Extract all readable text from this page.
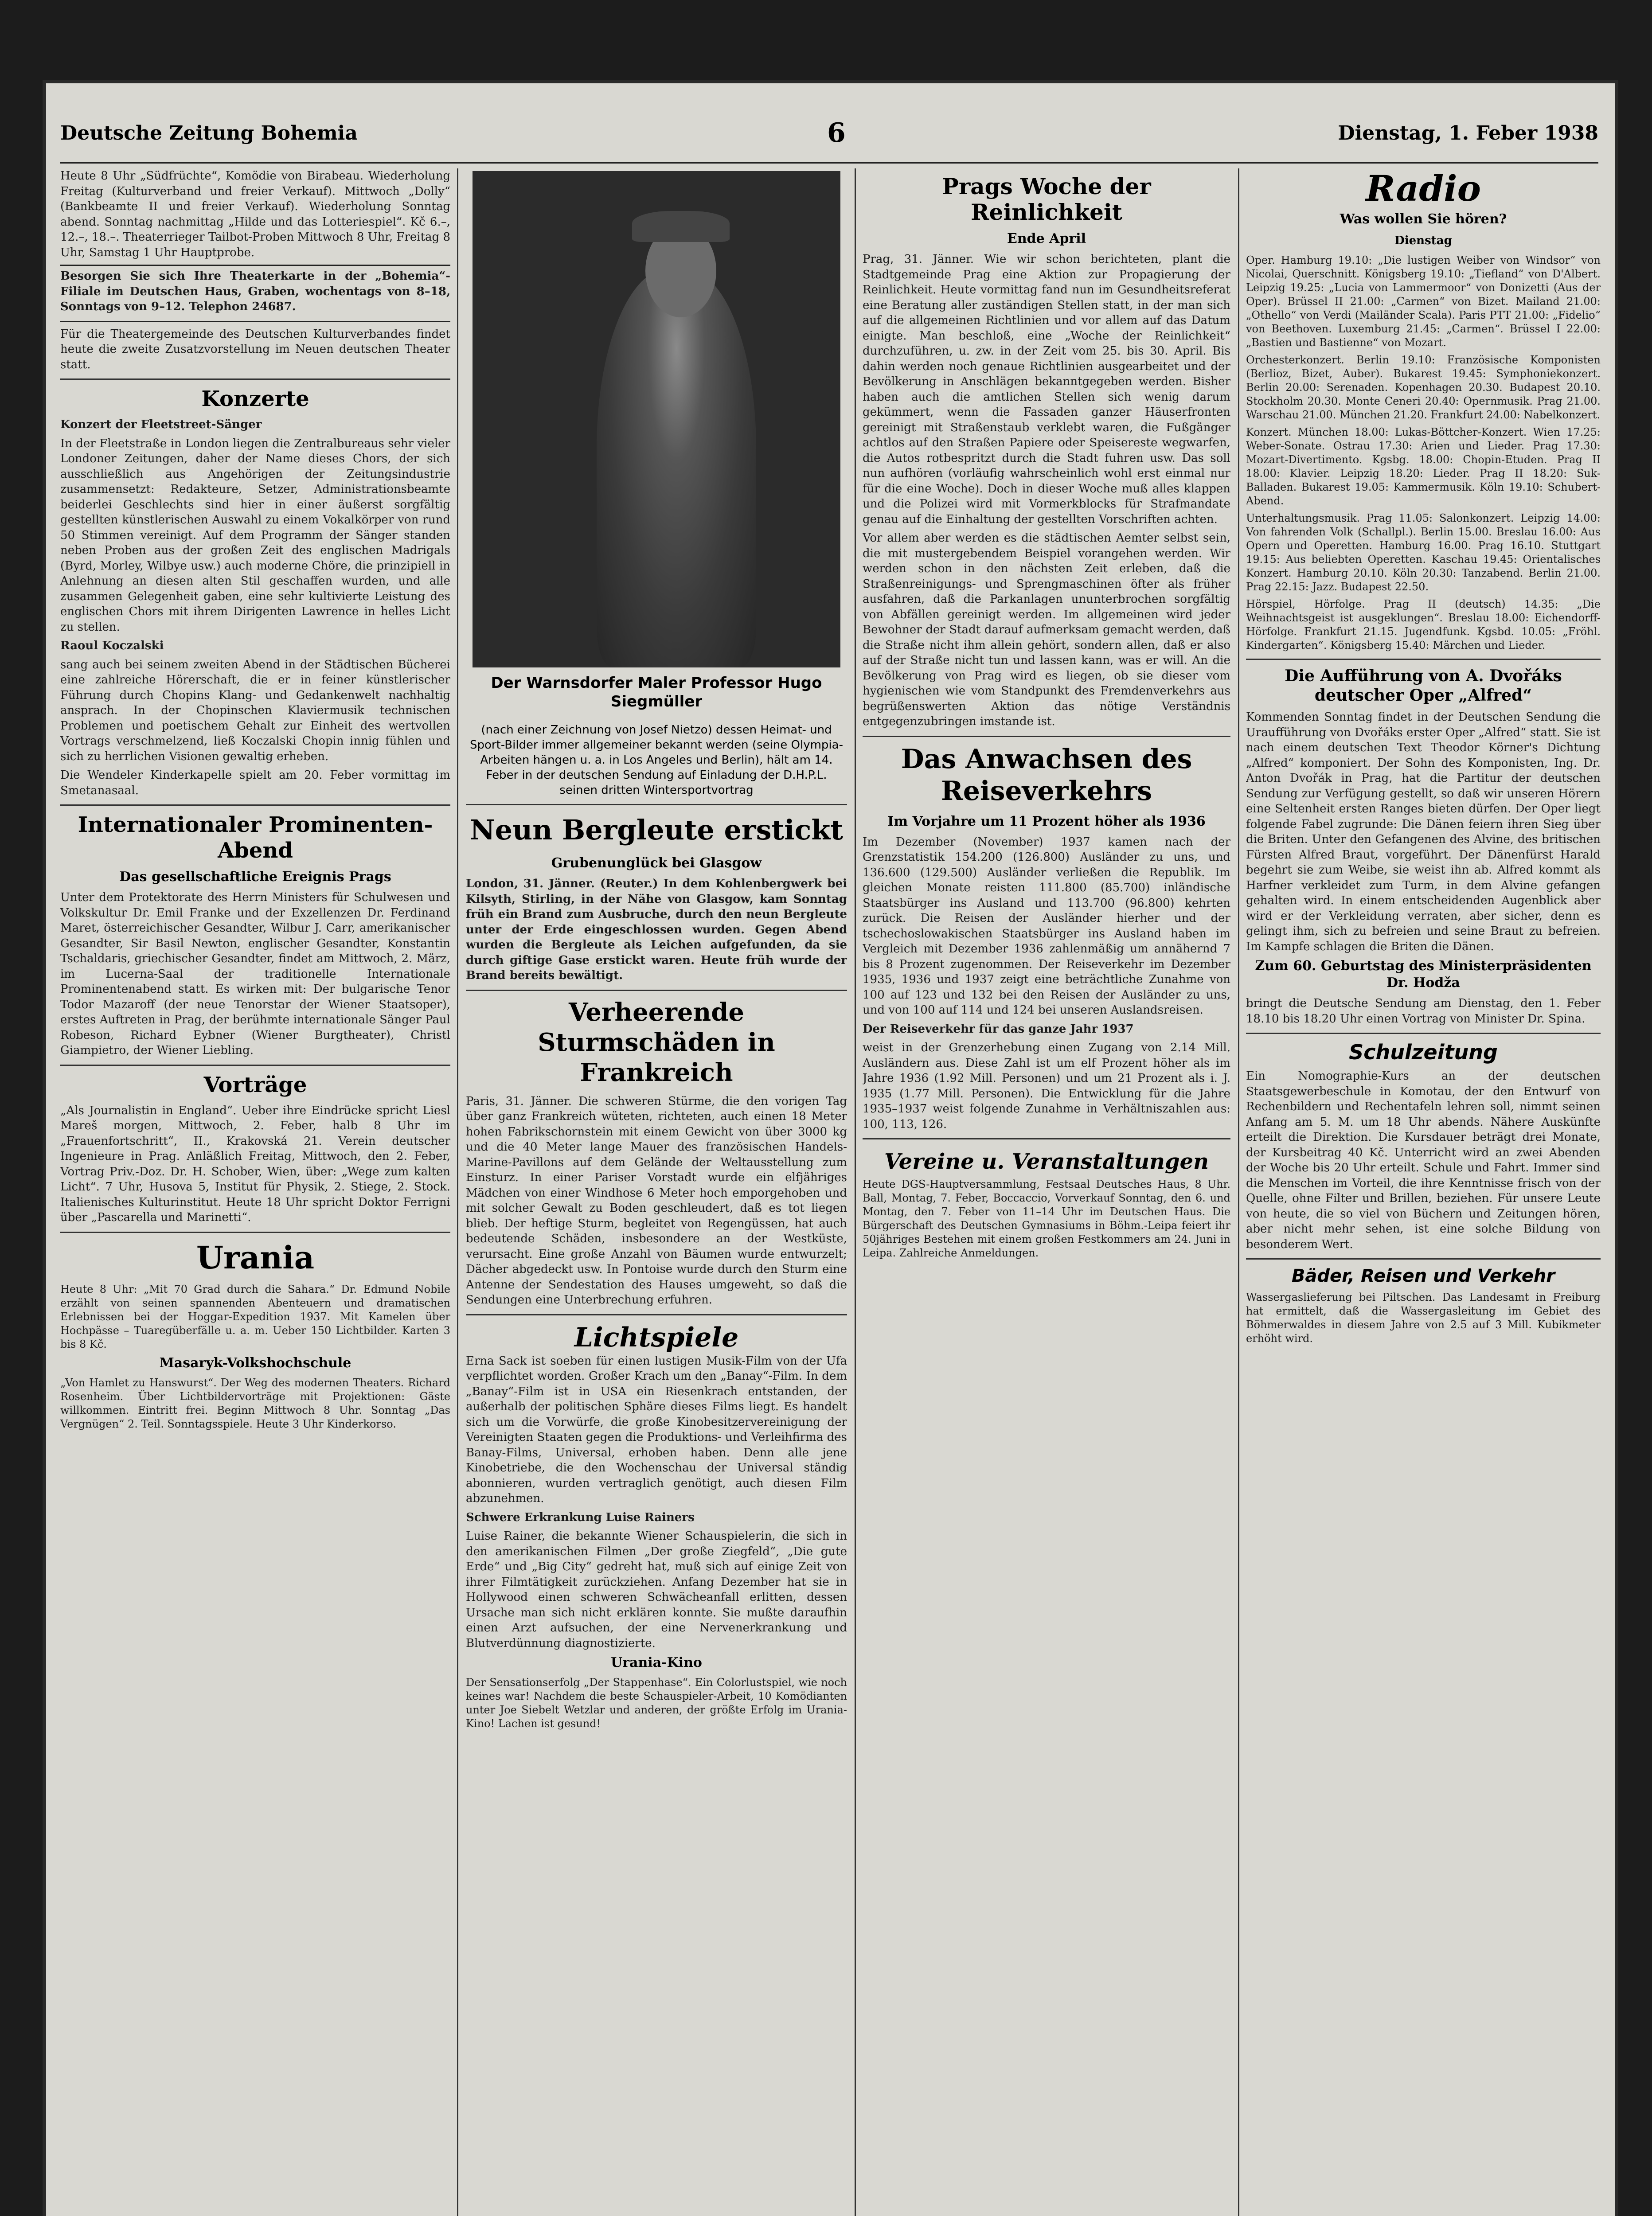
Deutsche Zeitung Bohemia	6	Dienstag, 1. Feber 1938

Heute 8 Uhr „Südfrüchte“, Komödie von Birabeau. Wiederholung Freitag (Kulturverband und freier Verkauf). Mittwoch „Dolly“ (Bankbeamte II und freier Verkauf). Wiederholung Sonntag abend. Sonntag nachmittag „Hilde und das Lotteriespiel“. Kč 6.–, 12.–, 18.–. Theaterrieger Tailbot-Proben Mittwoch 8 Uhr, Freitag 8 Uhr, Samstag 1 Uhr Hauptprobe.

Besorgen Sie sich Ihre Theaterkarte in der „Bohemia“-Filiale im Deutschen Haus, Graben, wochentags von 8–18, Sonntags von 9–12. Telephon 24687.

Für die Theatergemeinde des Deutschen Kulturverbandes findet heute die zweite Zusatzvorstellung im Neuen deutschen Theater statt.

Konzerte

Konzert der Fleetstreet-Sänger

In der Fleetstraße in London liegen die Zentralbureaus sehr vieler Londoner Zeitungen, daher der Name dieses Chors, der sich ausschließlich aus Angehörigen der Zeitungsindustrie zusammensetzt: Redakteure, Setzer, Administrationsbeamte beiderlei Geschlechts sind hier in einer äußerst sorgfältig gestellten künstlerischen Auswahl zu einem Vokalkörper von rund 50 Stimmen vereinigt. Auf dem Programm der Sänger standen neben Proben aus der großen Zeit des englischen Madrigals (Byrd, Morley, Wilbye usw.) auch moderne Chöre, die prinzipiell in Anlehnung an diesen alten Stil geschaffen wurden, und alle zusammen Gelegenheit gaben, eine sehr kultivierte Leistung des englischen Chors mit ihrem Dirigenten Lawrence in helles Licht zu stellen.

Raoul Koczalski

sang auch bei seinem zweiten Abend in der Städtischen Bücherei eine zahlreiche Hörerschaft, die er in feiner künstlerischer Führung durch Chopins Klang- und Gedankenwelt nachhaltig ansprach. In der Chopinschen Klaviermusik technischen Problemen und poetischem Gehalt zur Einheit des wertvollen Vortrags verschmelzend, ließ Koczalski Chopin innig fühlen und sich zu herrlichen Visionen gewaltig erheben.

Die Wendeler Kinderkapelle spielt am 20. Feber vormittag im Smetanasaal.

Internationaler Prominenten-Abend
Das gesellschaftliche Ereignis Prags

Unter dem Protektorate des Herrn Ministers für Schulwesen und Volkskultur Dr. Emil Franke und der Exzellenzen Dr. Ferdinand Maret, österreichischer Gesandter, Wilbur J. Carr, amerikanischer Gesandter, Sir Basil Newton, englischer Gesandter, Konstantin Tschaldaris, griechischer Gesandter, findet am Mittwoch, 2. März, im Lucerna-Saal der traditionelle Internationale Prominentenabend statt. Es wirken mit: Der bulgarische Tenor Todor Mazaroff (der neue Tenorstar der Wiener Staatsoper), erstes Auftreten in Prag, der berühmte internationale Sänger Paul Robeson, Richard Eybner (Wiener Burgtheater), Christl Giampietro, der Wiener Liebling.

Vorträge

„Als Journalistin in England“. Ueber ihre Eindrücke spricht Liesl Mareš morgen, Mittwoch, 2. Feber, halb 8 Uhr im „Frauenfortschritt“, II., Krakovská 21. Verein deutscher Ingenieure in Prag. Anläßlich Freitag, Mittwoch, den 2. Feber, Vortrag Priv.-Doz. Dr. H. Schober, Wien, über: „Wege zum kalten Licht“. 7 Uhr, Husova 5, Institut für Physik, 2. Stiege, 2. Stock. Italienisches Kulturinstitut. Heute 18 Uhr spricht Doktor Ferrigni über „Pascarella und Marinetti“.

Urania

Heute 8 Uhr: „Mit 70 Grad durch die Sahara.“ Dr. Edmund Nobile erzählt von seinen spannenden Abenteuern und dramatischen Erlebnissen bei der Hoggar-Expedition 1937. Mit Kamelen über Hochpässe – Tuaregüberfälle u. a. m. Ueber 150 Lichtbilder. Karten 3 bis 8 Kč.

Masaryk-Volkshochschule

„Von Hamlet zu Hanswurst“. Der Weg des modernen Theaters. Richard Rosenheim. Über Lichtbildervorträge mit Projektionen: Gäste willkommen. Eintritt frei. Beginn Mittwoch 8 Uhr. Sonntag „Das Vergnügen“ 2. Teil. Sonntagsspiele. Heute 3 Uhr Kinderkorso.

Der Warnsdorfer Maler Professor Hugo Siegmüller

(nach einer Zeichnung von Josef Nietzo) dessen Heimat- und Sport-Bilder immer allgemeiner bekannt werden (seine Olympia-Arbeiten hängen u. a. in Los Angeles und Berlin), hält am 14. Feber in der deutschen Sendung auf Einladung der D.H.P.L. seinen dritten Wintersportvortrag

Neun Bergleute erstickt
Grubenunglück bei Glasgow

London, 31. Jänner. (Reuter.) In dem Kohlenbergwerk bei Kilsyth, Stirling, in der Nähe von Glasgow, kam Sonntag früh ein Brand zum Ausbruche, durch den neun Bergleute unter der Erde eingeschlossen wurden. Gegen Abend wurden die Bergleute als Leichen aufgefunden, da sie durch giftige Gase erstickt waren. Heute früh wurde der Brand bereits bewältigt.

Verheerende Sturmschäden in Frankreich

Paris, 31. Jänner. Die schweren Stürme, die den vorigen Tag über ganz Frankreich wüteten, richteten, auch einen 18 Meter hohen Fabrikschornstein mit einem Gewicht von über 3000 kg und die 40 Meter lange Mauer des französischen Handels-Marine-Pavillons auf dem Gelände der Weltausstellung zum Einsturz. In einer Pariser Vorstadt wurde ein elfjähriges Mädchen von einer Windhose 6 Meter hoch emporgehoben und mit solcher Gewalt zu Boden geschleudert, daß es tot liegen blieb. Der heftige Sturm, begleitet von Regengüssen, hat auch bedeutende Schäden, insbesondere an der Westküste, verursacht. Eine große Anzahl von Bäumen wurde entwurzelt; Dächer abgedeckt usw. In Pontoise wurde durch den Sturm eine Antenne der Sendestation des Hauses umgeweht, so daß die Sendungen eine Unterbrechung erfuhren.

Lichtspiele

Erna Sack ist soeben für einen lustigen Musik-Film von der Ufa verpflichtet worden. Großer Krach um den „Banay“-Film. In dem „Banay“-Film ist in USA ein Riesenkrach entstanden, der außerhalb der politischen Sphäre dieses Films liegt. Es handelt sich um die Vorwürfe, die große Kinobesitzervereinigung der Vereinigten Staaten gegen die Produktions- und Verleihfirma des Banay-Films, Universal, erhoben haben. Denn alle jene Kinobetriebe, die den Wochenschau der Universal ständig abonnieren, wurden vertraglich genötigt, auch diesen Film abzunehmen.

Schwere Erkrankung Luise Rainers

Luise Rainer, die bekannte Wiener Schauspielerin, die sich in den amerikanischen Filmen „Der große Ziegfeld“, „Die gute Erde“ und „Big City“ gedreht hat, muß sich auf einige Zeit von ihrer Filmtätigkeit zurückziehen. Anfang Dezember hat sie in Hollywood einen schweren Schwächeanfall erlitten, dessen Ursache man sich nicht erklären konnte. Sie mußte daraufhin einen Arzt aufsuchen, der eine Nervenerkrankung und Blutverdünnung diagnostizierte.

Urania-Kino

Der Sensationserfolg „Der Stappenhase“. Ein Colorlustspiel, wie noch keines war! Nachdem die beste Schauspieler-Arbeit, 10 Komödianten unter Joe Siebelt Wetzlar und anderen, der größte Erfolg im Urania-Kino! Lachen ist gesund!

Prags Woche der Reinlichkeit
Ende April

Prag, 31. Jänner. Wie wir schon berichteten, plant die Stadtgemeinde Prag eine Aktion zur Propagierung der Reinlichkeit. Heute vormittag fand nun im Gesundheitsreferat eine Beratung aller zuständigen Stellen statt, in der man sich auf die allgemeinen Richtlinien und vor allem auf das Datum einigte. Man beschloß, eine „Woche der Reinlichkeit“ durchzuführen, u. zw. in der Zeit vom 25. bis 30. April. Bis dahin werden noch genaue Richtlinien ausgearbeitet und der Bevölkerung in Anschlägen bekanntgegeben werden. Bisher haben auch die amtlichen Stellen sich wenig darum gekümmert, wenn die Fassaden ganzer Häuserfronten gereinigt mit Straßenstaub verklebt waren, die Fußgänger achtlos auf den Straßen Papiere oder Speisereste wegwarfen, die Autos rotbespritzt durch die Stadt fuhren usw. Das soll nun aufhören (vorläufig wahrscheinlich wohl erst einmal nur für die eine Woche). Doch in dieser Woche muß alles klappen und die Polizei wird mit Vormerkblocks für Strafmandate genau auf die Einhaltung der gestellten Vorschriften achten.

Vor allem aber werden es die städtischen Aemter selbst sein, die mit mustergebendem Beispiel vorangehen werden. Wir werden schon in den nächsten Zeit erleben, daß die Straßenreinigungs- und Sprengmaschinen öfter als früher ausfahren, daß die Parkanlagen ununterbrochen sorgfältig von Abfällen gereinigt werden. Im allgemeinen wird jeder Bewohner der Stadt darauf aufmerksam gemacht werden, daß die Straße nicht ihm allein gehört, sondern allen, daß er also auf der Straße nicht tun und lassen kann, was er will. An die Bevölkerung von Prag wird es liegen, ob sie dieser vom hygienischen wie vom Standpunkt des Fremdenverkehrs aus begrüßenswerten Aktion das nötige Verständnis entgegenzubringen imstande ist.

Das Anwachsen des Reiseverkehrs
Im Vorjahre um 11 Prozent höher als 1936

Im Dezember (November) 1937 kamen nach der Grenzstatistik 154.200 (126.800) Ausländer zu uns, und 136.600 (129.500) Ausländer verließen die Republik. Im gleichen Monate reisten 111.800 (85.700) inländische Staatsbürger ins Ausland und 113.700 (96.800) kehrten zurück. Die Reisen der Ausländer hierher und der tschechoslowakischen Staatsbürger ins Ausland haben im Vergleich mit Dezember 1936 zahlenmäßig um annähernd 7 bis 8 Prozent zugenommen. Der Reiseverkehr im Dezember 1935, 1936 und 1937 zeigt eine beträchtliche Zunahme von 100 auf 123 und 132 bei den Reisen der Ausländer zu uns, und von 100 auf 114 und 124 bei unseren Auslandsreisen.

Der Reiseverkehr für das ganze Jahr 1937

weist in der Grenzerhebung einen Zugang von 2.14 Mill. Ausländern aus. Diese Zahl ist um elf Prozent höher als im Jahre 1936 (1.92 Mill. Personen) und um 21 Prozent als i. J. 1935 (1.77 Mill. Personen). Die Entwicklung für die Jahre 1935–1937 weist folgende Zunahme in Verhältniszahlen aus: 100, 113, 126.

Vereine u. Veranstaltungen

Heute DGS-Hauptversammlung, Festsaal Deutsches Haus, 8 Uhr. Ball, Montag, 7. Feber, Boccaccio, Vorverkauf Sonntag, den 6. und Montag, den 7. Feber von 11–14 Uhr im Deutschen Haus. Die Bürgerschaft des Deutschen Gymnasiums in Böhm.-Leipa feiert ihr 50jähriges Bestehen mit einem großen Festkommers am 24. Juni in Leipa. Zahlreiche Anmeldungen.

Radio
Was wollen Sie hören?
Dienstag

Oper. Hamburg 19.10: „Die lustigen Weiber von Windsor“ von Nicolai, Querschnitt. Königsberg 19.10: „Tiefland“ von D'Albert. Leipzig 19.25: „Lucia von Lammermoor“ von Donizetti (Aus der Oper). Brüssel II 21.00: „Carmen“ von Bizet. Mailand 21.00: „Othello“ von Verdi (Mailänder Scala). Paris PTT 21.00: „Fidelio“ von Beethoven. Luxemburg 21.45: „Carmen“. Brüssel I 22.00: „Bastien und Bastienne“ von Mozart.

Orchesterkonzert. Berlin 19.10: Französische Komponisten (Berlioz, Bizet, Auber). Bukarest 19.45: Symphoniekonzert. Berlin 20.00: Serenaden. Kopenhagen 20.30. Budapest 20.10. Stockholm 20.30. Monte Ceneri 20.40: Opernmusik. Prag 21.00. Warschau 21.00. München 21.20. Frankfurt 24.00: Nabelkonzert.

Konzert. München 18.00: Lukas-Böttcher-Konzert. Wien 17.25: Weber-Sonate. Ostrau 17.30: Arien und Lieder. Prag 17.30: Mozart-Divertimento. Kgsbg. 18.00: Chopin-Etuden. Prag II 18.00: Klavier. Leipzig 18.20: Lieder. Prag II 18.20: Suk-Balladen. Bukarest 19.05: Kammermusik. Köln 19.10: Schubert-Abend.

Unterhaltungsmusik. Prag 11.05: Salonkonzert. Leipzig 14.00: Von fahrenden Volk (Schallpl.). Berlin 15.00. Breslau 16.00: Aus Opern und Operetten. Hamburg 16.00. Prag 16.10. Stuttgart 19.15: Aus beliebten Operetten. Kaschau 19.45: Orientalisches Konzert. Hamburg 20.10. Köln 20.30: Tanzabend. Berlin 21.00. Prag 22.15: Jazz. Budapest 22.50.

Hörspiel, Hörfolge. Prag II (deutsch) 14.35: „Die Weihnachtsgeist ist ausgeklungen“. Breslau 18.00: Eichendorff-Hörfolge. Frankfurt 21.15. Jugendfunk. Kgsbd. 10.05: „Fröhl. Kindergarten“. Königsberg 15.40: Märchen und Lieder.

Die Aufführung von A. Dvořáks deutscher Oper „Alfred“

Kommenden Sonntag findet in der Deutschen Sendung die Uraufführung von Dvořáks erster Oper „Alfred“ statt. Sie ist nach einem deutschen Text Theodor Körner's Dichtung „Alfred“ komponiert. Der Sohn des Komponisten, Ing. Dr. Anton Dvořák in Prag, hat die Partitur der deutschen Sendung zur Verfügung gestellt, so daß wir unseren Hörern eine Seltenheit ersten Ranges bieten dürfen. Der Oper liegt folgende Fabel zugrunde: Die Dänen feiern ihren Sieg über die Briten. Unter den Gefangenen des Alvine, des britischen Fürsten Alfred Braut, vorgeführt. Der Dänenfürst Harald begehrt sie zum Weibe, sie weist ihn ab. Alfred kommt als Harfner verkleidet zum Turm, in dem Alvine gefangen gehalten wird. In einem entscheidenden Augenblick aber wird er der Verkleidung verraten, aber sicher, denn es gelingt ihm, sich zu befreien und seine Braut zu befreien. Im Kampfe schlagen die Briten die Dänen.

Zum 60. Geburtstag des Ministerpräsidenten Dr. Hodža

bringt die Deutsche Sendung am Dienstag, den 1. Feber 18.10 bis 18.20 Uhr einen Vortrag von Minister Dr. Spina.

Schulzeitung

Ein Nomographie-Kurs an der deutschen Staatsgewerbeschule in Komotau, der den Entwurf von Rechenbildern und Rechentafeln lehren soll, nimmt seinen Anfang am 5. M. um 18 Uhr abends. Nähere Auskünfte erteilt die Direktion. Die Kursdauer beträgt drei Monate, der Kursbeitrag 40 Kč. Unterricht wird an zwei Abenden der Woche bis 20 Uhr erteilt. Schule und Fahrt. Immer sind die Menschen im Vorteil, die ihre Kenntnisse frisch von der Quelle, ohne Filter und Brillen, beziehen. Für unsere Leute von heute, die so viel von Büchern und Zeitungen hören, aber nicht mehr sehen, ist eine solche Bildung von besonderem Wert.

Bäder, Reisen und Verkehr

Wassergaslieferung bei Piltschen. Das Landesamt in Freiburg hat ermittelt, daß die Wassergasleitung im Gebiet des Böhmerwaldes in diesem Jahre von 2.5 auf 3 Mill. Kubikmeter erhöht wird.
